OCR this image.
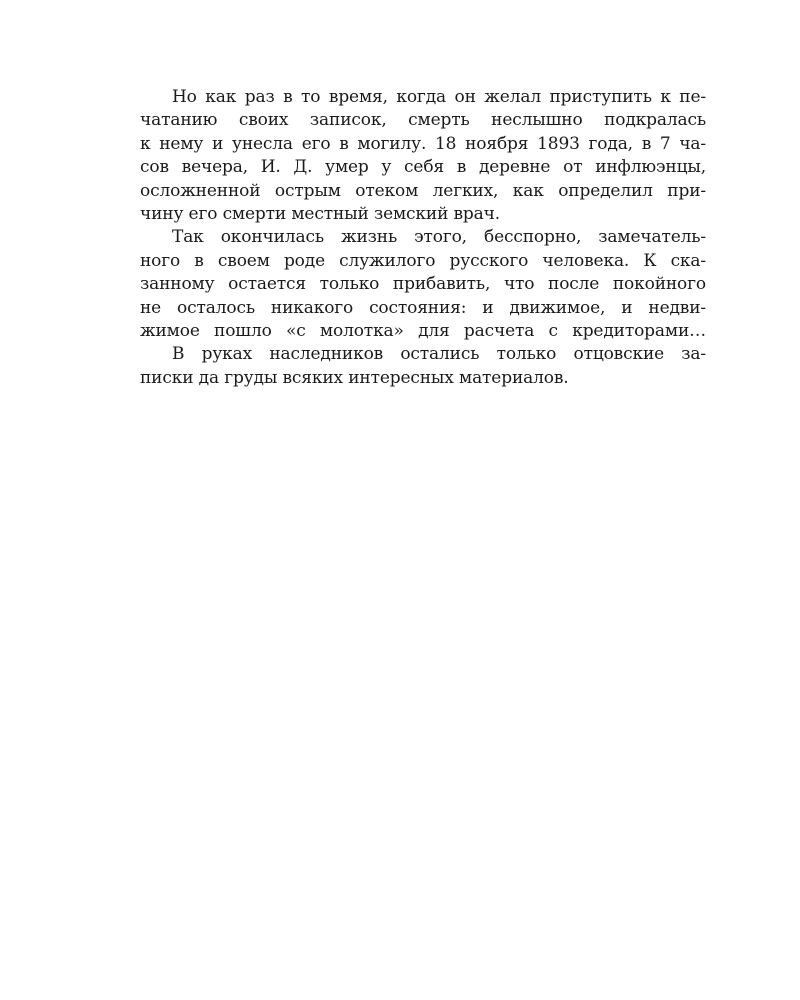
Но как раз в то время, когда он желал приступить к пе-
чатанию своих записок, смерть неслышно подкралась
к нему и унесла его в могилу. 18 ноября 1893 года, в 7 ча-
сов вечера, И. Д. умер у себя в деревне от инфлюэнцы,
осложненной острым отеком легких, как определил при-
чину его смерти местный земский врач.
Так окончилась жизнь этого, бесспорно, замечатель-
ного в своем роде служилого русского человека. К ска-
занному остается только прибавить, что после покойного
не осталось никакого состояния: и движимое, и недви-
жимое пошло «с молотка» для расчета с кредиторами…
В руках наследников остались только отцовские за-
писки да груды всяких интересных материалов.
